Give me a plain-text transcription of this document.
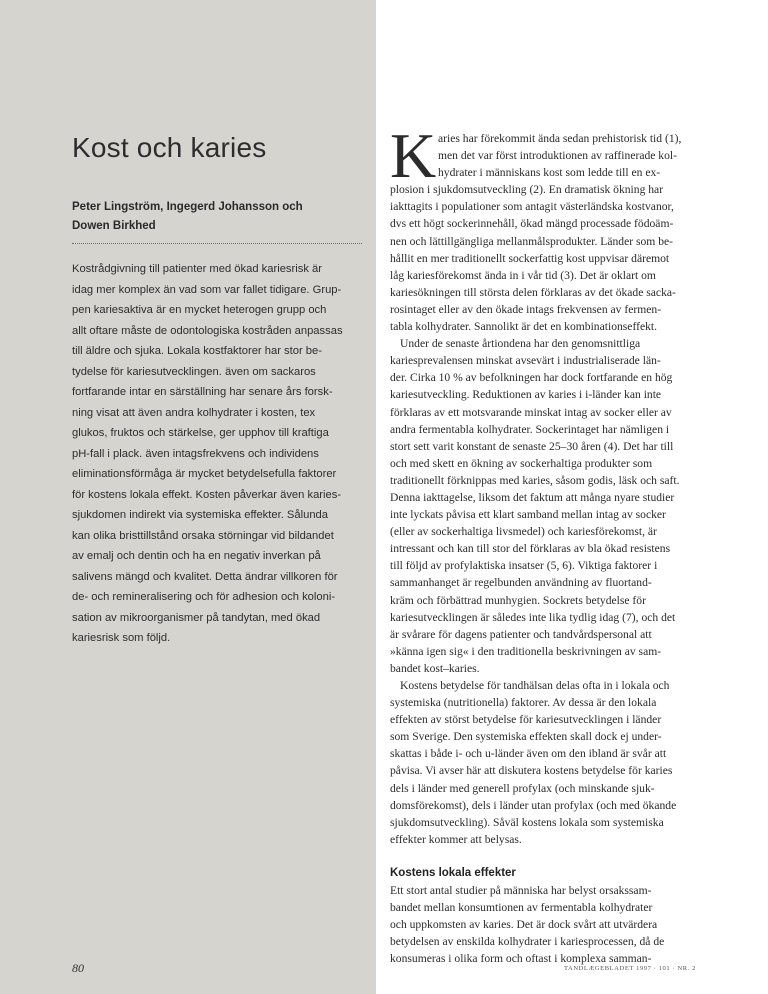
Kost och karies
Peter Lingström, Ingegerd Johansson och
Dowen Birkhed
Kostrådgivning till patienter med ökad kariesrisk är
idag mer komplex än vad som var fallet tidigare. Grup-
pen kariesaktiva är en mycket heterogen grupp och
allt oftare måste de odontologiska kostråden anpassas
till äldre och sjuka. Lokala kostfaktorer har stor be-
tydelse för kariesutvecklingen. även om sackaros
fortfarande intar en särställning har senare års forsk-
ning visat att även andra kolhydrater i kosten, tex
glukos, fruktos och stärkelse, ger upphov till kraftiga
pH-fall i plack. även intagsfrekvens och individens
eliminationsförmåga är mycket betydelsefulla faktorer
för kostens lokala effekt. Kosten påverkar även karies-
sjukdomen indirekt via systemiska effekter. Sålunda
kan olika bristtillstånd orsaka störningar vid bildandet
av emalj och dentin och ha en negativ inverkan på
salivens mängd och kvalitet. Detta ändrar villkoren för
de- och remineralisering och för adhesion och koloni-
sation av mikroorganismer på tandytan, med ökad
kariesrisk som följd.
K aries har förekommit ända sedan prehistorisk tid (1),
men det var först introduktionen av raffinerade kol-
hydrater i människans kost som ledde till en ex-
plosion i sjukdomsutveckling (2). En dramatisk ökning har
iakttagits i populationer som antagit västerländska kostvanor,
dvs ett högt sockerinnehåll, ökad mängd processade födoäm-
nen och lättillgängliga mellanmålsprodukter. Länder som be-
hållit en mer traditionellt sockerfattig kost uppvisar däremot
låg kariesförekomst ända in i vår tid (3). Det är oklart om
kariesökningen till största delen förklaras av det ökade sacka-
rosintaget eller av den ökade intags frekvensen av fermen-
tabla kolhydrater. Sannolikt är det en kombinationseffekt.
Under de senaste årtiondena har den genomsnittliga
kariesprevalensen minskat avsevärt i industrialiserade län-
der. Cirka 10 % av befolkningen har dock fortfarande en hög
kariesutveckling. Reduktionen av karies i i-länder kan inte
förklaras av ett motsvarande minskat intag av socker eller av
andra fermentabla kolhydrater. Sockerintaget har nämligen i
stort sett varit konstant de senaste 25–30 åren (4). Det har till
och med skett en ökning av sockerhaltiga produkter som
traditionellt förknippas med karies, såsom godis, läsk och saft.
Denna iakttagelse, liksom det faktum att många nyare studier
inte lyckats påvisa ett klart samband mellan intag av socker
(eller av sockerhaltiga livsmedel) och kariesförekomst, är
intressant och kan till stor del förklaras av bla ökad resistens
till följd av profylaktiska insatser (5, 6). Viktiga faktorer i
sammanhanget är regelbunden användning av fluortand-
kräm och förbättrad munhygien. Sockrets betydelse för
kariesutvecklingen är således inte lika tydlig idag (7), och det
är svårare för dagens patienter och tandvårdspersonal att
»känna igen sig« i den traditionella beskrivningen av sam-
bandet kost–karies.
Kostens betydelse för tandhälsan delas ofta in i lokala och
systemiska (nutritionella) faktorer. Av dessa är den lokala
effekten av störst betydelse för kariesutvecklingen i länder
som Sverige. Den systemiska effekten skall dock ej under-
skattas i både i- och u-länder även om den ibland är svår att
påvisa. Vi avser här att diskutera kostens betydelse för karies
dels i länder med generell profylax (och minskande sjuk-
domsförekomst), dels i länder utan profylax (och med ökande
sjukdomsutveckling). Såväl kostens lokala som systemiska
effekter kommer att belysas.
Kostens lokala effekter
Ett stort antal studier på människa har belyst orsakssam-
bandet mellan konsumtionen av fermentabla kolhydrater
och uppkomsten av karies. Det är dock svårt att utvärdera
betydelsen av enskilda kolhydrater i kariesprocessen, då de
konsumeras i olika form och oftast i komplexa samman-
80	TANDLÆGEBLADET 1997 · 101 · NR. 2
